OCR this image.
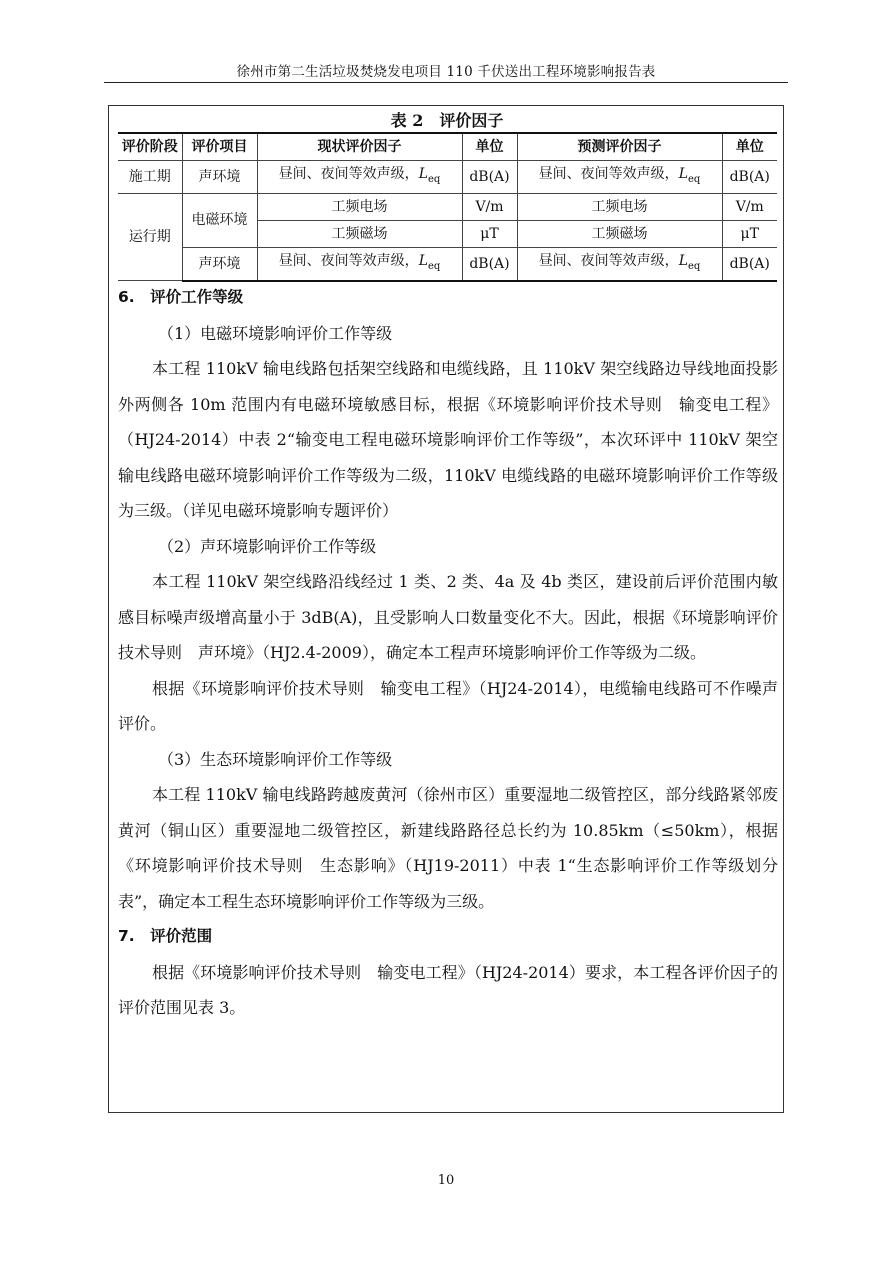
徐州市第二生活垃圾焚烧发电项目 110 千伏送出工程环境影响报告表
表 2　评价因子
评价阶段	评价项目	现状评价因子	单位	预测评价因子	单位
施工期	声环境	昼间、夜间等效声级，$L_{eq}$	dB(A)	昼间、夜间等效声级，$L_{eq}$	dB(A)
运行期	电磁环境	工频电场	V/m	工频电场	V/m
		工频磁场	μT	工频磁场	μT
	声环境	昼间、夜间等效声级，$L_{eq}$	dB(A)	昼间、夜间等效声级，$L_{eq}$	dB(A)

6.　评价工作等级

（1）电磁环境影响评价工作等级

本工程 110kV 输电线路包括架空线路和电缆线路，且 110kV 架空线路边导线地面投影外两侧各 10m 范围内有电磁环境敏感目标，根据《环境影响评价技术导则　输变电工程》（HJ24-2014）中表 2“输变电工程电磁环境影响评价工作等级”，本次环评中 110kV 架空输电线路电磁环境影响评价工作等级为二级，110kV 电缆线路的电磁环境影响评价工作等级为三级。（详见电磁环境影响专题评价）

（2）声环境影响评价工作等级

本工程 110kV 架空线路沿线经过 1 类、2 类、4a 及 4b 类区，建设前后评价范围内敏感目标噪声级增高量小于 3dB(A)，且受影响人口数量变化不大。因此，根据《环境影响评价技术导则　声环境》（HJ2.4-2009），确定本工程声环境影响评价工作等级为二级。

根据《环境影响评价技术导则　输变电工程》（HJ24-2014），电缆输电线路可不作噪声评价。

（3）生态环境影响评价工作等级

本工程 110kV 输电线路跨越废黄河（徐州市区）重要湿地二级管控区，部分线路紧邻废黄河（铜山区）重要湿地二级管控区，新建线路路径总长约为 10.85km（≤50km），根据《环境影响评价技术导则　生态影响》（HJ19-2011）中表 1“生态影响评价工作等级划分表”，确定本工程生态环境影响评价工作等级为三级。

7.　评价范围

根据《环境影响评价技术导则　输变电工程》（HJ24-2014）要求，本工程各评价因子的评价范围见表 3。

10
